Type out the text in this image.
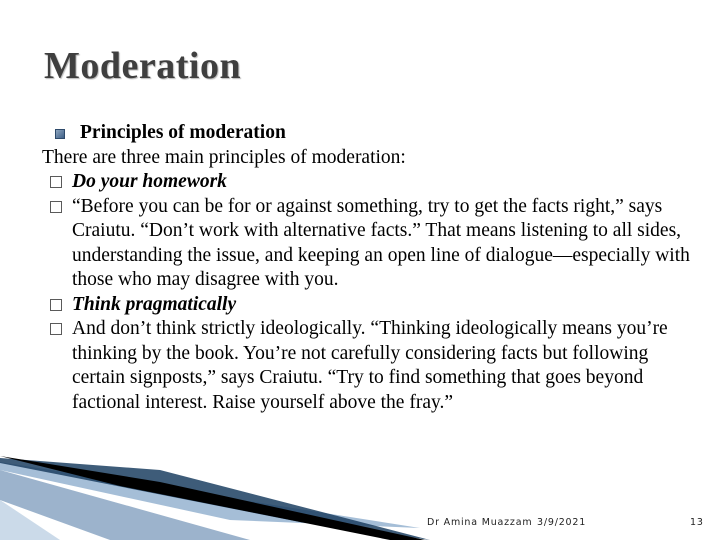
Moderation
Principles of moderation
There are three main principles of moderation:
Do your homework
“Before you can be for or against something, try to get the facts right,” says Craiutu. “Don’t work with alternative facts.” That means listening to all sides, understanding the issue, and keeping an open line of dialogue—especially with those who may disagree with you.
Think pragmatically
And don’t think strictly ideologically. “Thinking ideologically means you’re thinking by the book. You’re not carefully considering facts but following certain signposts,” says Craiutu. “Try to find something that goes beyond factional interest. Raise yourself above the fray.”
Dr Amina Muazzam 3/9/2021	13
